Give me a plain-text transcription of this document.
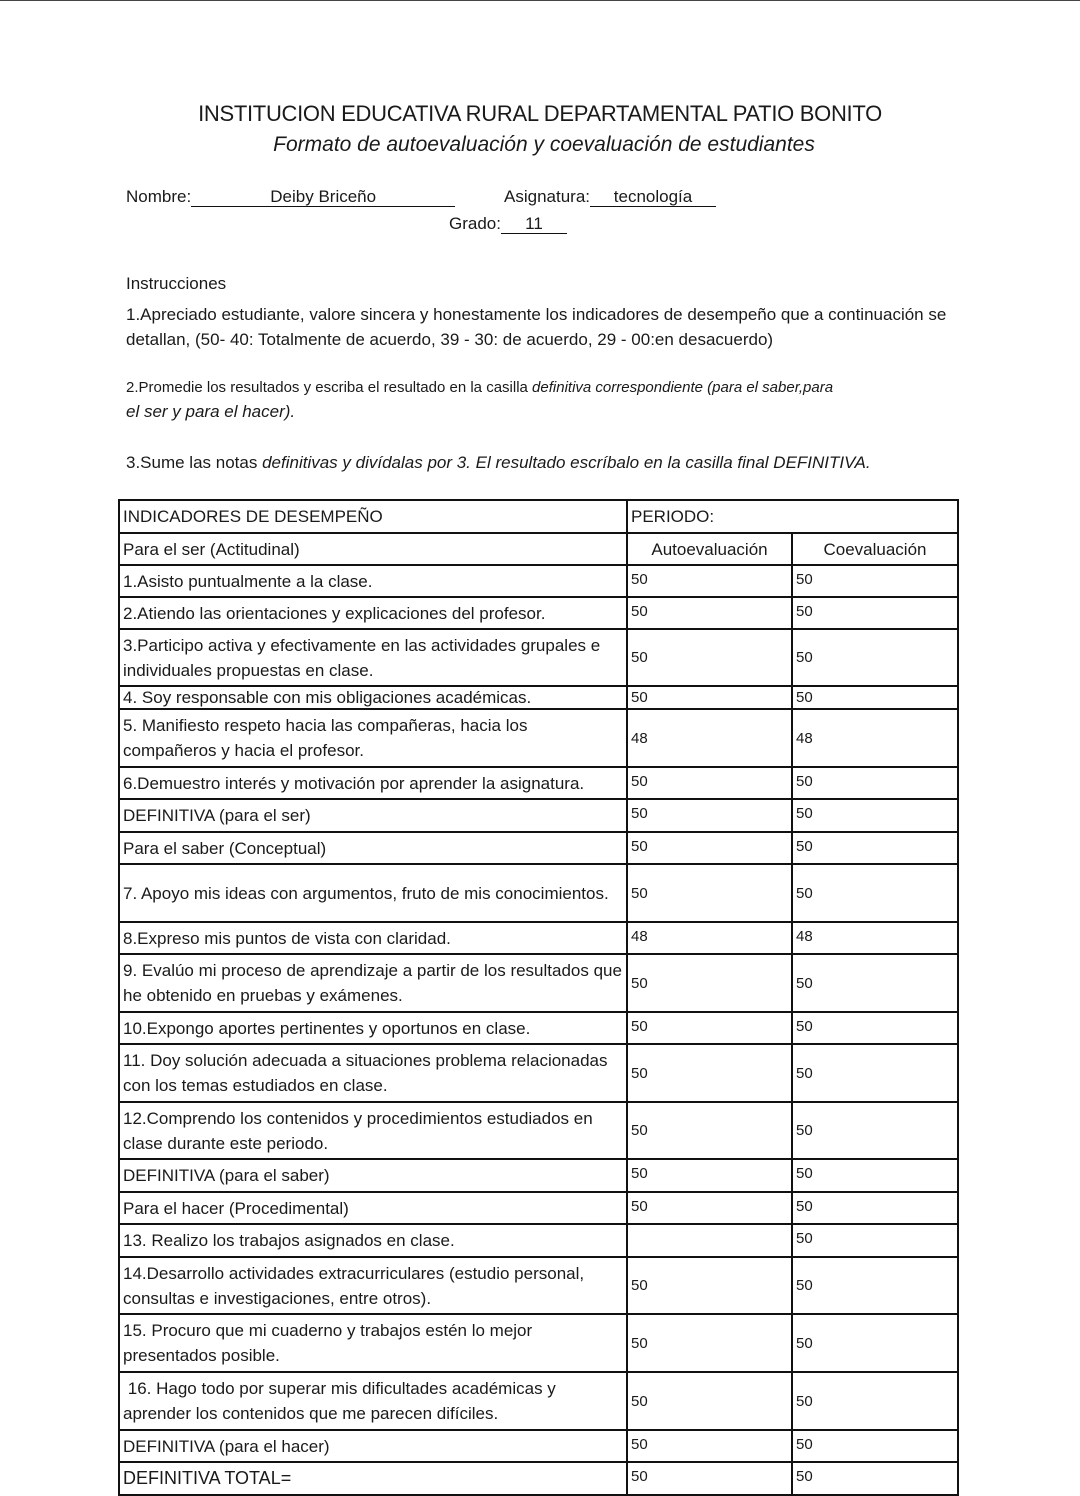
INSTITUCION EDUCATIVA RURAL DEPARTAMENTAL PATIO BONITO
Formato de autoevaluación y coevaluación de estudiantes
Nombre:	Deiby Briceño	Asignatura: tecnología
Grado: 11
Instrucciones
1.Apreciado estudiante, valore sincera y honestamente los indicadores de desempeño que a continuación se detallan, (50- 40: Totalmente de acuerdo, 39 - 30: de acuerdo, 29 - 00:en desacuerdo)
2.Promedie los resultados y escriba el resultado en la casilla definitiva correspondiente (para el saber,para
el ser y para el hacer).
3.Sume las notas definitivas y divídalas por 3. El resultado escríbalo en la casilla final DEFINITIVA.
INDICADORES DE DESEMPEÑO	PERIODO:	
Para el ser (Actitudinal)	Autoevaluación	Coevaluación
1.Asisto puntualmente a la clase.	50	50
2.Atiendo las orientaciones y explicaciones del profesor.	50	50
3.Participo activa y efectivamente en las actividades grupales e individuales propuestas en clase.	50	50
4. Soy responsable con mis obligaciones académicas.	50	50
5. Manifiesto respeto hacia las compañeras, hacia los compañeros y hacia el profesor.	48	48
6.Demuestro interés y motivación por aprender la asignatura.	50	50
DEFINITIVA (para el ser)	50	50
Para el saber (Conceptual)	50	50
7. Apoyo mis ideas con argumentos, fruto de mis conocimientos.	50	50
8.Expreso mis puntos de vista con claridad.	48	48
9. Evalúo mi proceso de aprendizaje a partir de los resultados que he obtenido en pruebas y exámenes.	50	50
10.Expongo aportes pertinentes y oportunos en clase.	50	50
11. Doy solución adecuada a situaciones problema relacionadas con los temas estudiados en clase.	50	50
12.Comprendo los contenidos y procedimientos estudiados en clase durante este periodo.	50	50
DEFINITIVA (para el saber)	50	50
Para el hacer (Procedimental)	50	50
13. Realizo los trabajos asignados en clase.		50
14.Desarrollo actividades extracurriculares (estudio personal, consultas e investigaciones, entre otros).	50	50
15. Procuro que mi cuaderno y trabajos estén lo mejor presentados posible.	50	50
16. Hago todo por superar mis dificultades académicas y aprender los contenidos que me parecen difíciles.	50	50
DEFINITIVA (para el hacer)	50	50
DEFINITIVA TOTAL=	50	50
